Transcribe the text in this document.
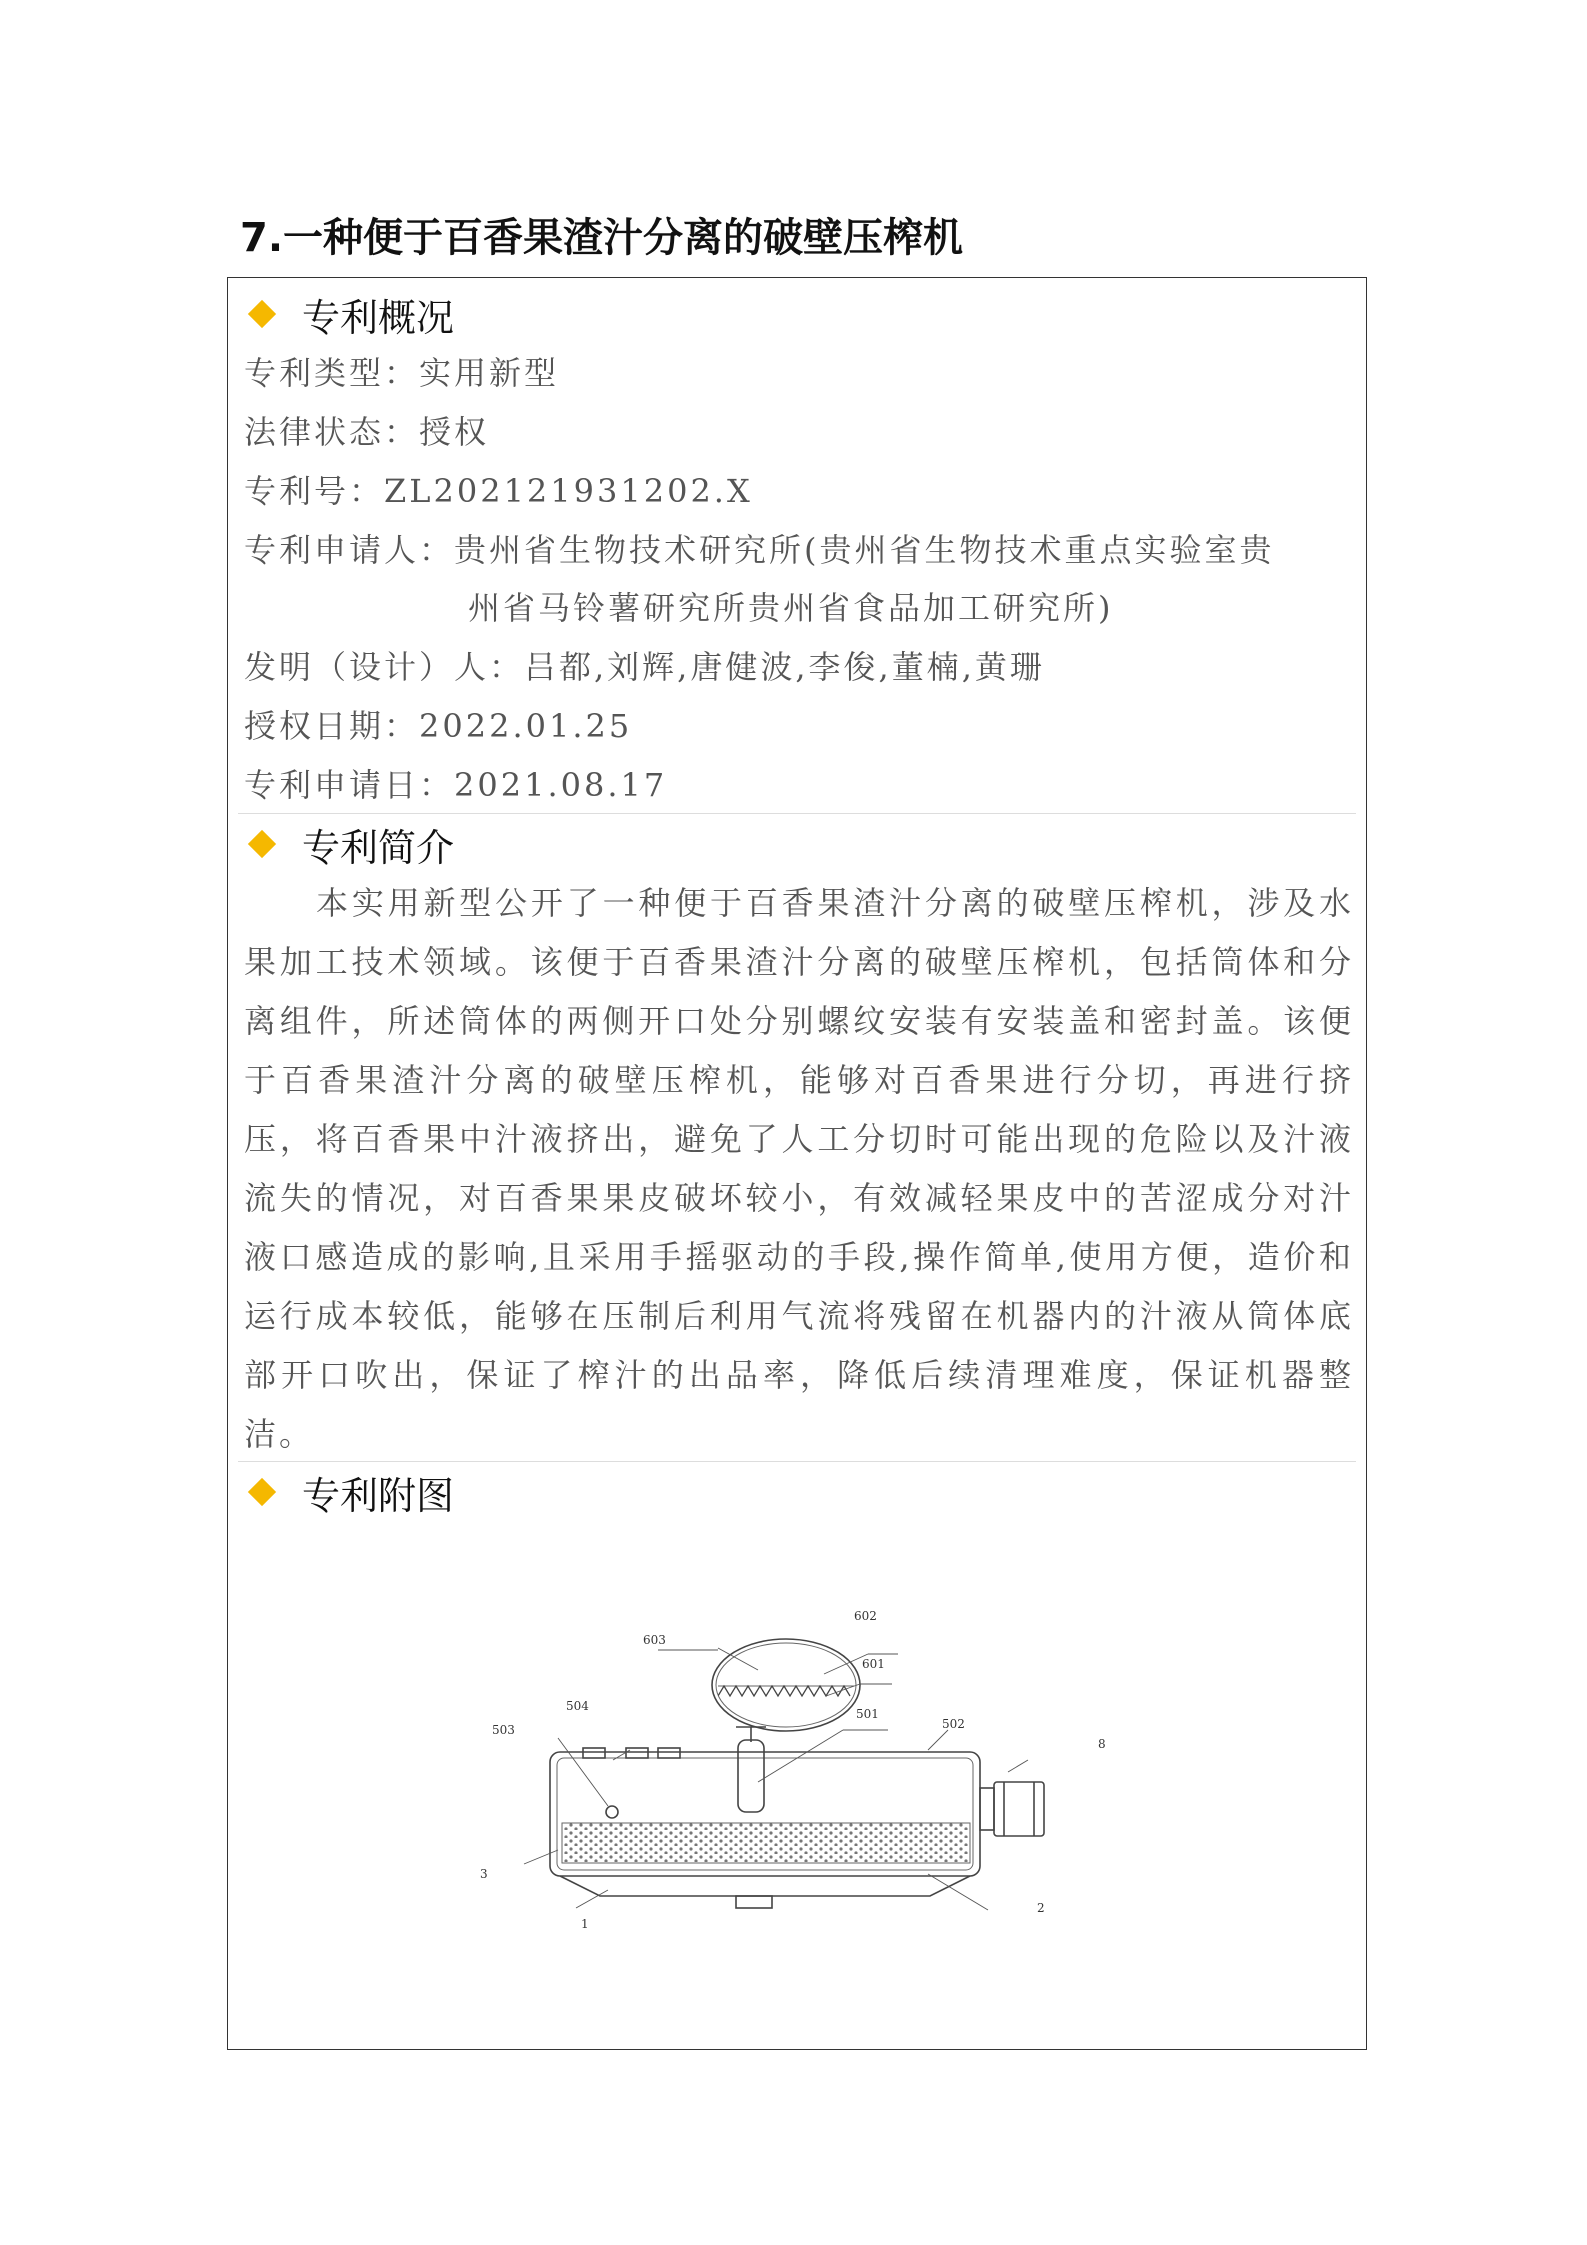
7.一种便于百香果渣汁分离的破壁压榨机
专利概况
专利类型：实用新型
法律状态：授权
专利号：ZL202121931202.X
专利申请人：贵州省生物技术研究所(贵州省生物技术重点实验室贵
州省马铃薯研究所贵州省食品加工研究所)
发明（设计）人：吕都,刘辉,唐健波,李俊,董楠,黄珊
授权日期：2022.01.25
专利申请日：2021.08.17
专利简介

本实用新型公开了一种便于百香果渣汁分离的破壁压榨机，涉及水果加工技术领域。该便于百香果渣汁分离的破壁压榨机，包括筒体和分离组件，所述筒体的两侧开口处分别螺纹安装有安装盖和密封盖。该便于百香果渣汁分离的破壁压榨机，能够对百香果进行分切，再进行挤压，将百香果中汁液挤出，避免了人工分切时可能出现的危险以及汁液流失的情况，对百香果果皮破坏较小，有效减轻果皮中的苦涩成分对汁液口感造成的影响,且采用手摇驱动的手段,操作简单,使用方便，造价和运行成本较低，能够在压制后利用气流将残留在机器内的汁液从筒体底部开口吹出，保证了榨汁的出品率，降低后续清理难度，保证机器整洁。

专利附图
603
602
601
504
501
502
503
8
3
1
2
